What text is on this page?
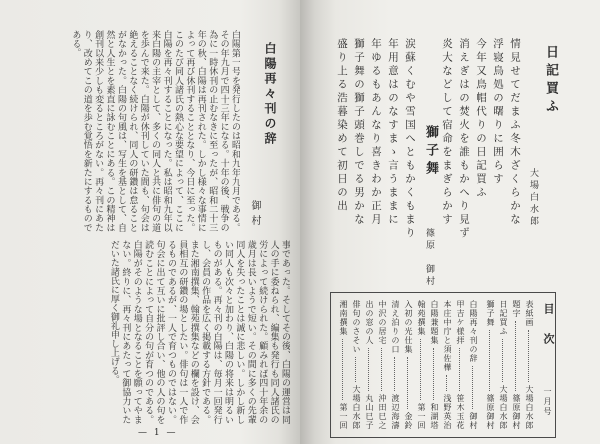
白陽再々刊の辞
御村
白陽第一号を発行したのは昭和九年九月である。その年九月で四十三年になる。十年の後、戦争の為に一時休刊の止むなきに至ったが、昭和二十三年の秋、白陽は再刊された。しかし様々な事情によって再び休刊することとなり、今日に至った。このたび同人諸氏の熱心な要望によって、ここに白陽を再々刊することになった。私は昭和九年以来白陽の主宰として、多くの同人と共に俳句の道を歩んで来た。白陽が休刊していた間も、句会は絶えることなく続けられ、同人の研鑽は怠ることがなかった。白陽の句風は、写生を基として、自然と人生とを素直に詠むことにある。この精神は創刊以来少しも変るところがない。再々刊にあたり、改めてこの道を歩む覚悟を新たにするものである。
事であった。そしてその後、白陽の運営は同人の手に委ねられ、編集も発行も同人諸氏の労によって続けられた。顧みれば四十年余の歳月は長いようで短い。その間に多くの先輩同人を失ったことは誠に悲しい。しかし新しい同人も次々と加わり、白陽の将来は明るいものがある。再々刊の白陽は、毎月一回発行し、会員の作品を広く掲載する方針である。また湘南撰集、翰苑撰集などの欄を設け、会員相互の研鑽の場としたい。俳句は一人で作るものであるが、一人で育つものではない。句会に出て互いに批評し合い、他の人の句を読むことによって自分の句が育つのである。白陽がそのような場となることを願ってやまない。終りに、再々刊にあたって御協力いただいた諸氏に厚く御礼申し上げる。
— 1 —
日記買ふ
大場白水郎
情見せてだまふ冬木ざくらかな
浮寝鳥処の曙りに囲らす
今年又鳥帽代りの日記買ふ
消えぎはの焚火を誰もかへり見ず
炎大などして宿命をまぎらかす
獅子舞
篠原　御村
涙蘇くむや雪国へともかくもまり
年用意はのなすまゝ言うままに
年ゆるもあんなり喜きわか正月
獅子舞の獅子頭巻しでる男かな
盛り上る浩暮染めて初日の出
目　次
一月号
表紙画
大場白水郎
題字
篠原御村
日記買ふ
大場白水郎
獅子舞
篠原御村
白陽再々刊の辞
御村
甲吉ケ様拝
笹木玉花
本庄中庁と須佐樺
浅野英治
白陽兼題集
和湖塔
翰苑撰集
第一回
入初の光仕集
金鈴
清え泊りの口
渡辺海濤
中沢の居宅
沖田巳之
出の窓の人
丸山巳子
俳句のさそい
大場白水郎
湘南撰集
第一回
